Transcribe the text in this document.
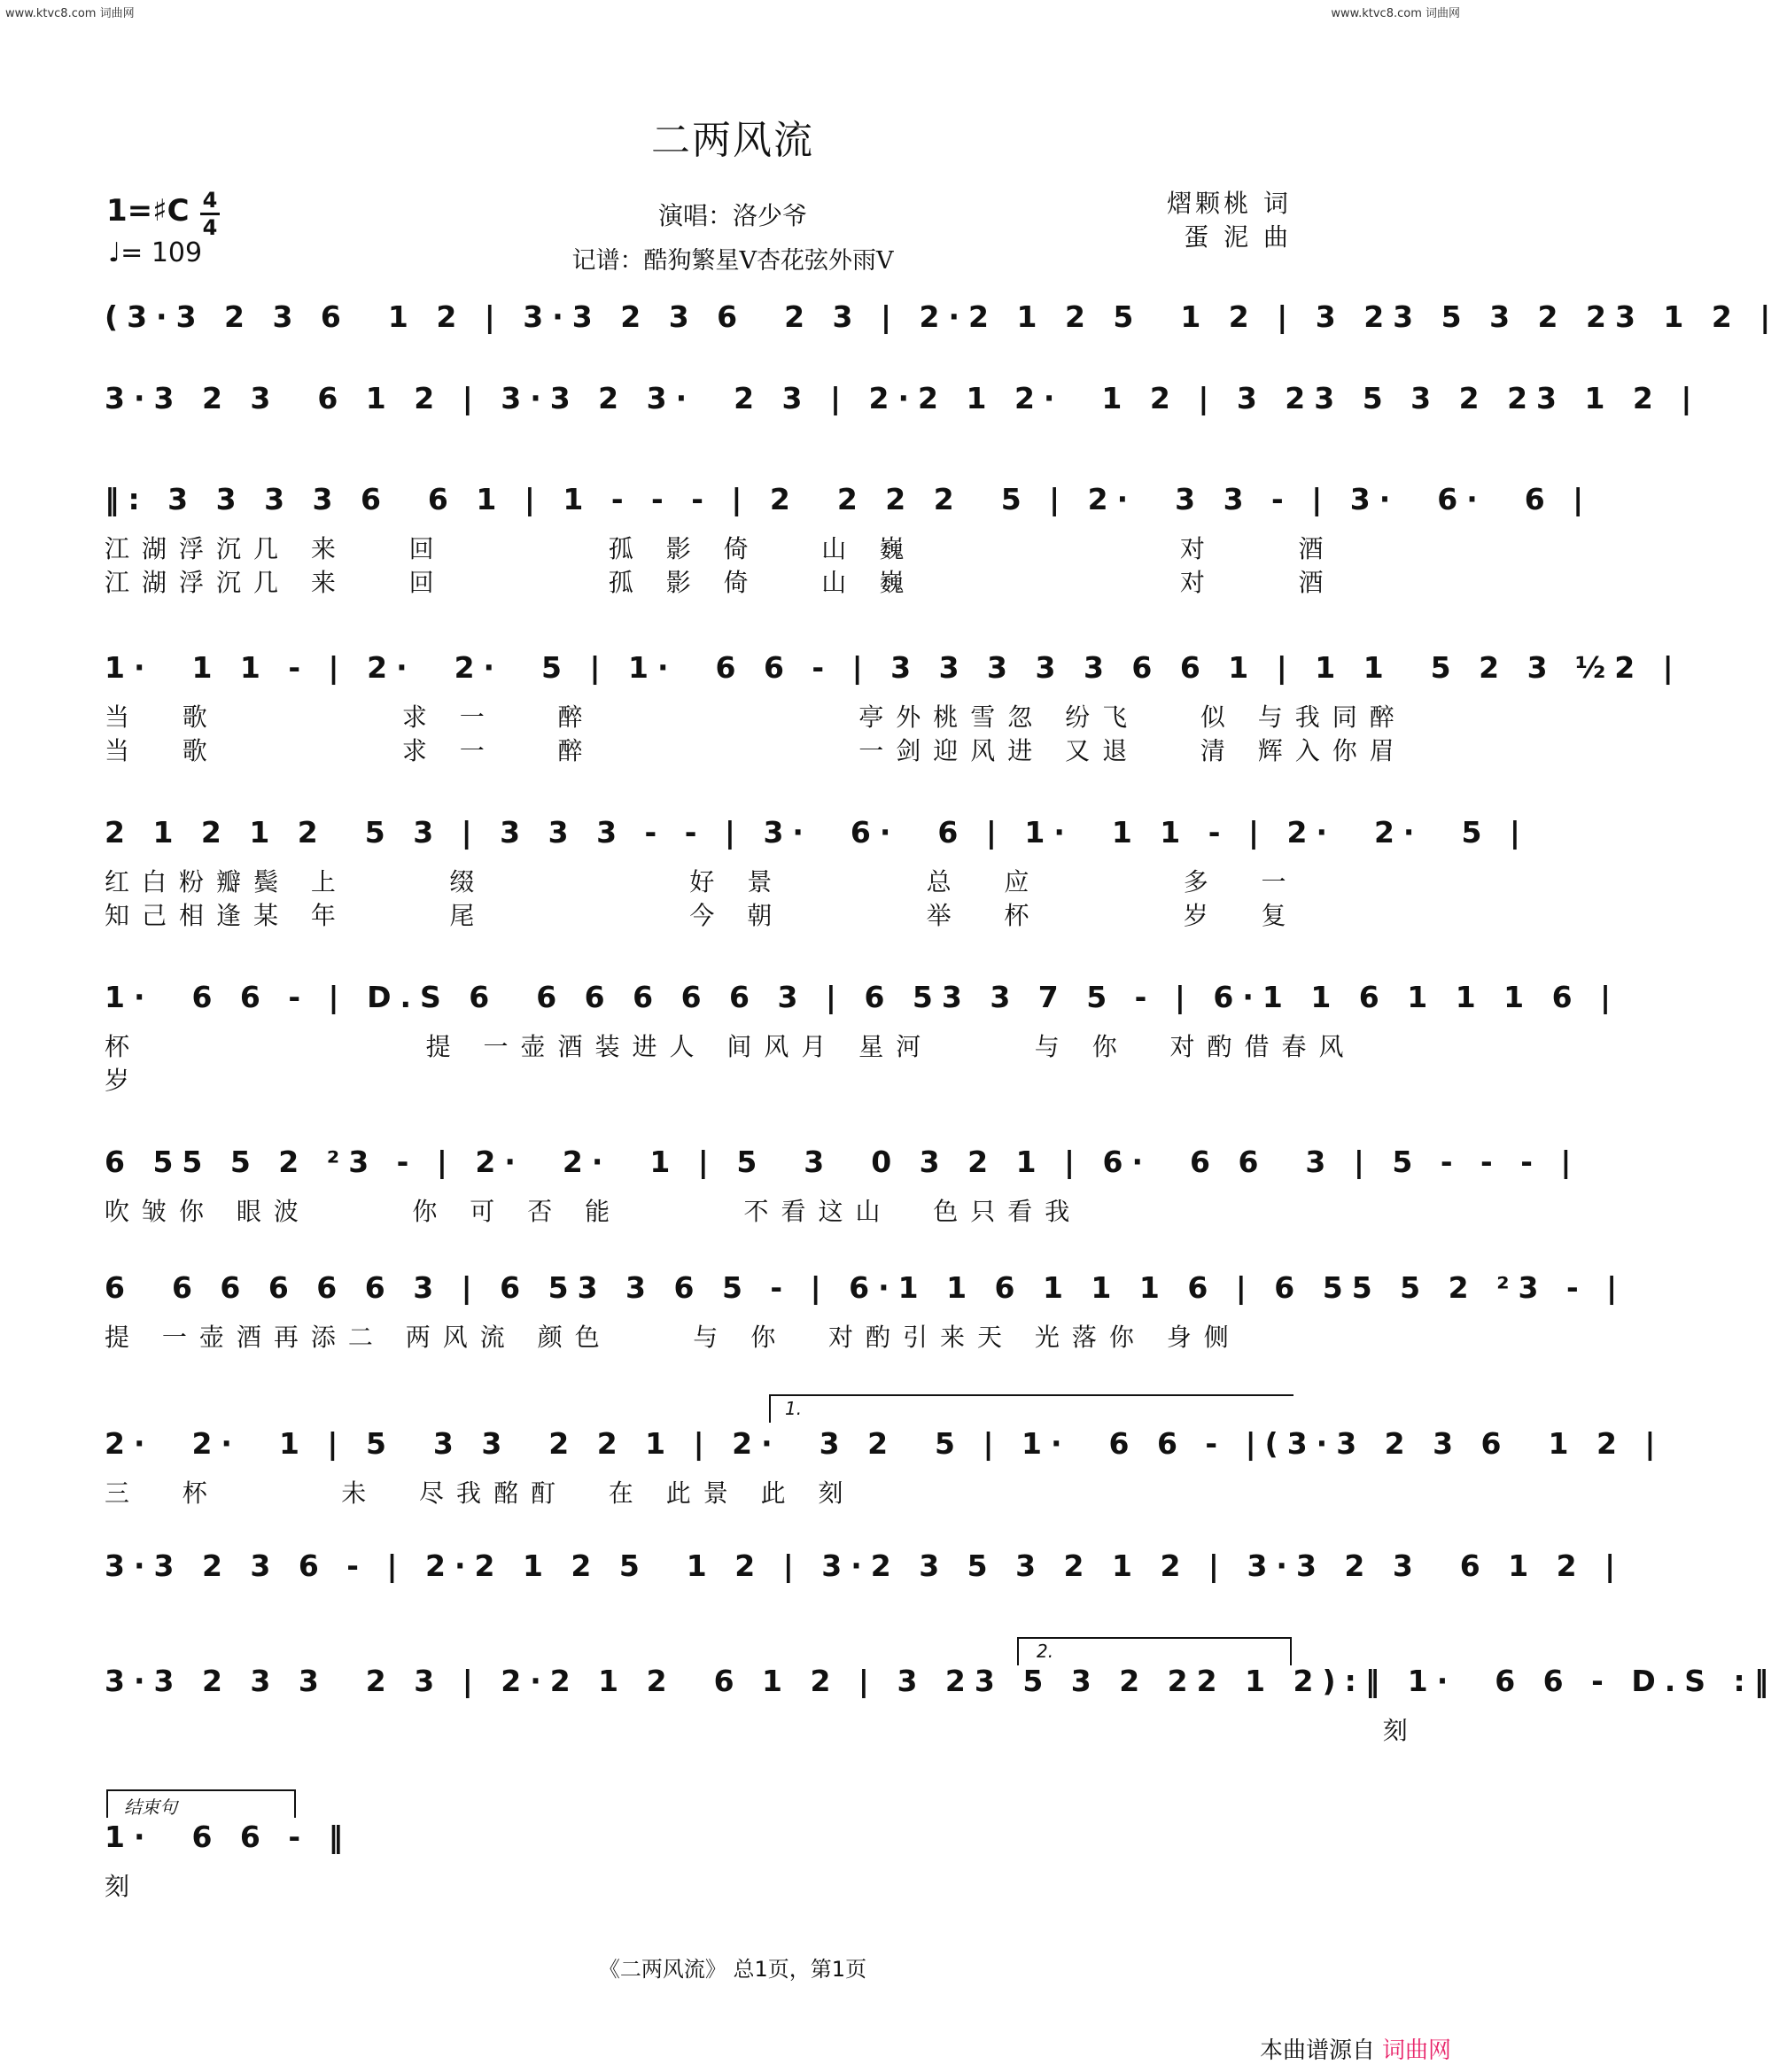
www.ktvc8.com 词曲网	www.ktvc8.com 词曲网
二两风流
演唱：洛少爷
记谱：酷狗繁星V杏花弦外雨V
熠颗桃 词
蛋 泥 曲
1=♯C 4
4
♩= 109
(3·3 2 3 6  1 2 | 3·3 2 3 6  2 3 | 2·2 1 2 5  1 2 | 3 23 5 3 2 23 1 2 |
3·3 2 3  6 1 2 | 3·3 2 3·  2 3 | 2·2 1 2·  1 2 | 3 23 5 3 2 23 1 2 |
‖: 3 3 3 3 6  6 1 | 1 - - - | 2  2 2 2  5 | 2·  3 3 - | 3·  6·  6 |
江湖浮沉几 来   回        孤 影 倚   山 巍             对    酒
江湖浮沉几 来   回        孤 影 倚   山 巍             对    酒
1·  1 1 - | 2·  2·  5 | 1·  6 6 - | 3 3 3 3 3 6 6 1 | 1 1  5 2 3 ½2 |
当  歌         求 一   醉             亭外桃雪忽 纷飞   似 与我同醉
当  歌         求 一   醉             一剑迎风进 又退   清 辉入你眉
2 1 2 1 2  5 3 | 3 3 3 - - | 3·  6·  6 | 1·  1 1 - | 2·  2·  5 |
红白粉瓣鬓 上     缀          好 景       总  应       多  一
知己相逢某 年     尾          今 朝       举  杯       岁  复
1·  6 6 - | D.S 6  6 6 6 6 6 3 | 6 53 3 7 5 - | 6·1 1 6 1 1 1 6 |
杯              提 一壶酒装进人 间风月 星河     与 你  对酌借春风
岁
6 55 5 2 ²3 - | 2·  2·  1 | 5  3  0 3 2 1 | 6·  6 6  3 | 5 - - - |
吹皱你 眼波     你 可 否 能      不看这山  色只看我
6  6 6 6 6 6 3 | 6 53 3 6 5 - | 6·1 1 6 1 1 1 6 | 6 55 5 2 ²3 - |
提 一壶酒再添二 两风流 颜色    与 你  对酌引来天 光落你 身侧
1.
2·  2·  1 | 5  3 3  2 2 1 | 2·  3 2  5 | 1·  6 6 - |(3·3 2 3 6  1 2 |
三  杯      未  尽我酩酊  在 此景 此 刻
3·3 2 3 6 - | 2·2 1 2 5  1 2 | 3·2 3 5 3 2 1 2 | 3·3 2 3  6 1 2 |
2.
3·3 2 3 3  2 3 | 2·2 1 2  6 1 2 | 3 23 5 3 2 22 1 2):‖ 1·  6 6 - D.S :‖
刻
结束句
1·  6 6 - ‖
刻
《二两风流》 总1页，第1页
本曲谱源自 词曲网
